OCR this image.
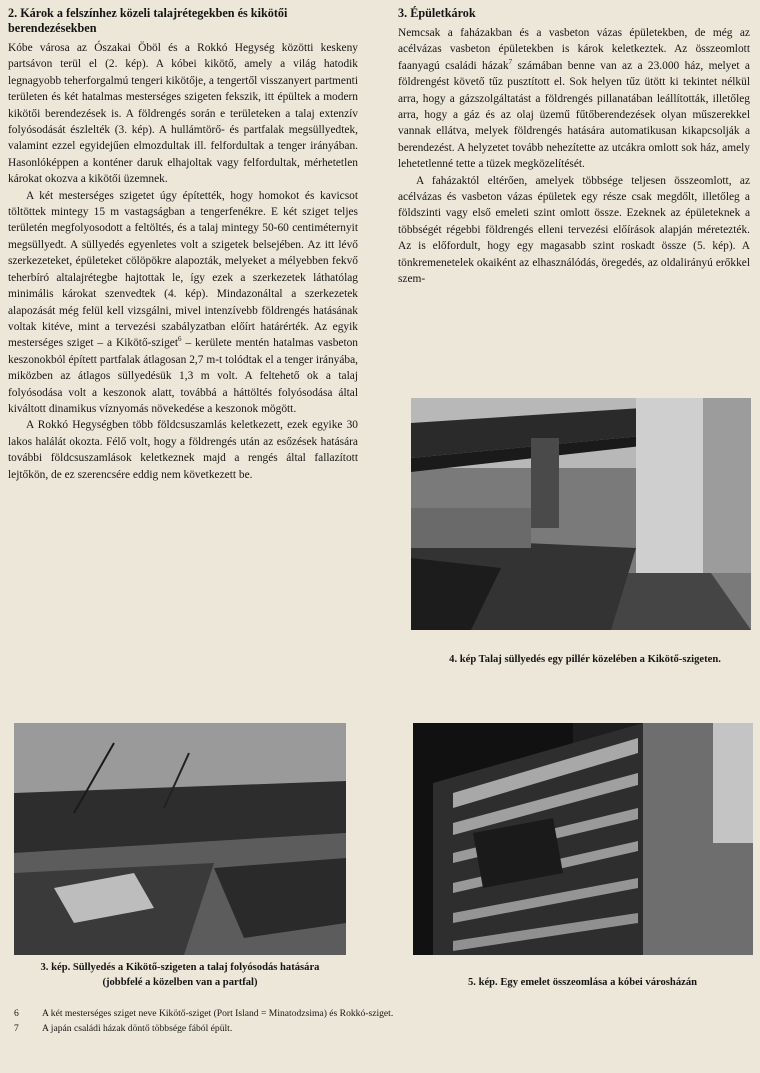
2. Károk a felszínhez közeli talajrétegekben és kikötői berendezésekben

Kóbe városa az Ószakai Öböl és a Rokkó Hegység közötti keskeny partsávon terül el (2. kép). A kóbei kikötő, amely a világ hatodik legnagyobb teherforgalmú tengeri kikötője, a tengertől visszanyert partmenti területen és két hatalmas mesterséges szigeten fekszik, itt épültek a modern kikötői berendezések is. A földrengés során e területeken a talaj extenzív folyósodását észlelték (3. kép). A hullámtörő- és partfalak megsüllyedtek, valamint ezzel egyidejűen elmozdultak ill. felfordultak a tenger irányában. Hasonlóképpen a konténer daruk elhajoltak vagy felfordultak, mérhetetlen károkat okozva a kikötői üzemnek.

A két mesterséges szigetet úgy építették, hogy homokot és kavicsot töltöttek mintegy 15 m vastagságban a tengerfenékre. E két sziget teljes területén megfolyosodott a feltöltés, és a talaj mintegy 50-60 centiméternyit megsüllyedt. A süllyedés egyenletes volt a szigetek belsejében. Az itt lévő szerkezeteket, épületeket cölöpökre alapozták, melyeket a mélyebben fekvő teherbíró altalajrétegbe hajtottak le, így ezek a szerkezetek láthatólag minimális károkat szenvedtek (4. kép). Mindazonáltal a szerkezetek alapozását még felül kell vizsgálni, mivel intenzívebb földrengés hatásának voltak kitéve, mint a tervezési szabályzatban előírt határérték. Az egyik mesterséges sziget – a Kikötő-sziget$^6$ – kerülete mentén hatalmas vasbeton keszonokból épített partfalak átlagosan 2,7 m-t tolódtak el a tenger irányába, miközben az átlagos süllyedésük 1,3 m volt. A feltehető ok a talaj folyósodása volt a keszonok alatt, továbbá a háttöltés folyósodása által kiváltott dinamikus víznyomás növekedése a keszonok mögött.

A Rokkó Hegységben több földcsuszamlás keletkezett, ezek egyike 30 lakos halálát okozta. Félő volt, hogy a földrengés után az esőzések hatására további földcsuszamlások keletkeznek majd a rengés által fallazított lejtőkön, de ez szerencsére eddig nem következett be.

3. Épületkárok

Nemcsak a faházakban és a vasbeton vázas épületekben, de még az acélvázas vasbeton épületekben is károk keletkeztek. Az összeomlott faanyagú családi házak$^7$ számában benne van az a 23.000 ház, melyet a földrengést követő tűz pusztított el. Sok helyen tűz ütött ki tekintet nélkül arra, hogy a gázszolgáltatást a földrengés pillanatában leállították, illetőleg arra, hogy a gáz és az olaj üzemű fűtőberendezések olyan műszerekkel vannak ellátva, melyek földrengés hatására automatikusan kikapcsolják a berendezést. A helyzetet tovább nehezítette az utcákra omlott sok ház, amely lehetetlenné tette a tüzek megközelítését.

A faházaktól eltérően, amelyek többsége teljesen összeomlott, az acélvázas és vasbeton vázas épületek egy része csak megdőlt, illetőleg a földszinti vagy első emeleti szint omlott össze. Ezeknek az épületeknek a többségét régebbi földrengés elleni tervezési előírások alapján méretezték. Az is előfordult, hogy egy magasabb szint roskadt össze (5. kép). A tönkremenetelek okaiként az elhasználódás, öregedés, az oldalirányú erőkkel szem-

4. kép Talaj süllyedés egy pillér közelében a Kikötő-szigeten.
3. kép. Süllyedés a Kikötő-szigeten a talaj folyósodás hatására (jobbfelé a közelben van a partfal)	5. kép. Egy emelet összeomlása a kóbei városházán
6	A két mesterséges sziget neve Kikötő-sziget (Port Island = Minatodzsima) és Rokkó-sziget.
7	A japán családi házak döntő többsége fából épült.
